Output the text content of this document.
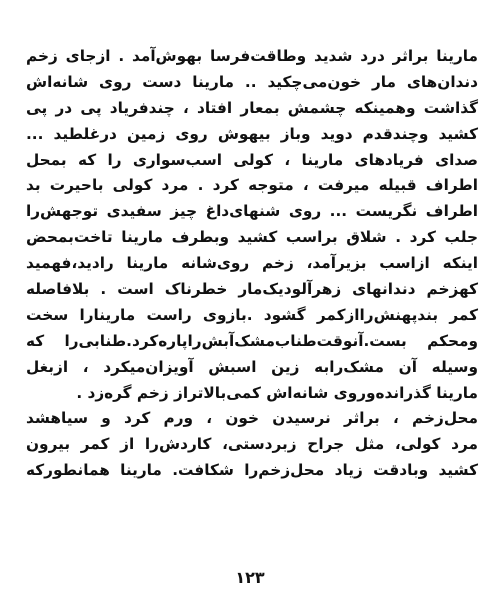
مارینا براثر درد شدید وطاقت‌فرسا بهوش‌آمد . ازجای زخم
دندان‌های مار خون‌می‌چکید .. مارینا دست روی شانه‌اش
گذاشت وهمینکه چشمش بمعار افتاد ، چندفریاد پی در پی
کشید وچندقدم دوید وباز بیهوش روی زمین درغلطید ...
صدای فریادهای مارینا ، کولی اسب‌سواری را که بمحل
اطراف قبیله میرفت ، متوجه کرد . مرد کولی باحیرت بد
اطراف نگریست ... روی شنهای‌داغ چیز سفیدی توجهش‌را
جلب کرد . شلاق براسب کشید وبطرف مارینا تاخت‌بمحض
اینکه ازاسب بزیرآمد، زخم روی‌شانه مارینا رادید،فهمید
کهزخم دندانهای زهرآلودیک‌مار خطرناک است . بلافاصله
کمر بندپهنش‌راازکمر گشود .بازوی راست مارینارا سخت
ومحکم بست.آنوقت‌طناب‌مشک‌آبش‌راپاره‌کرد.طنابی‌را که
وسیله آن مشک‌رابه زین اسبش آویزان‌میکرد ، ازبغل
مارینا گذرانده‌وروی شانه‌اش کمی‌بالاتراز زخم گره‌زد .
محل‌زخم ، براثر نرسیدن خون ، ورم کرد و سیاهشد
مرد کولی، مثل جراح زبردستی، کاردش‌را از کمر بیرون
کشید وبادقت زیاد محل‌زخم‌را شکافت. مارینا هما‌نطور‌که
۱۲۳
